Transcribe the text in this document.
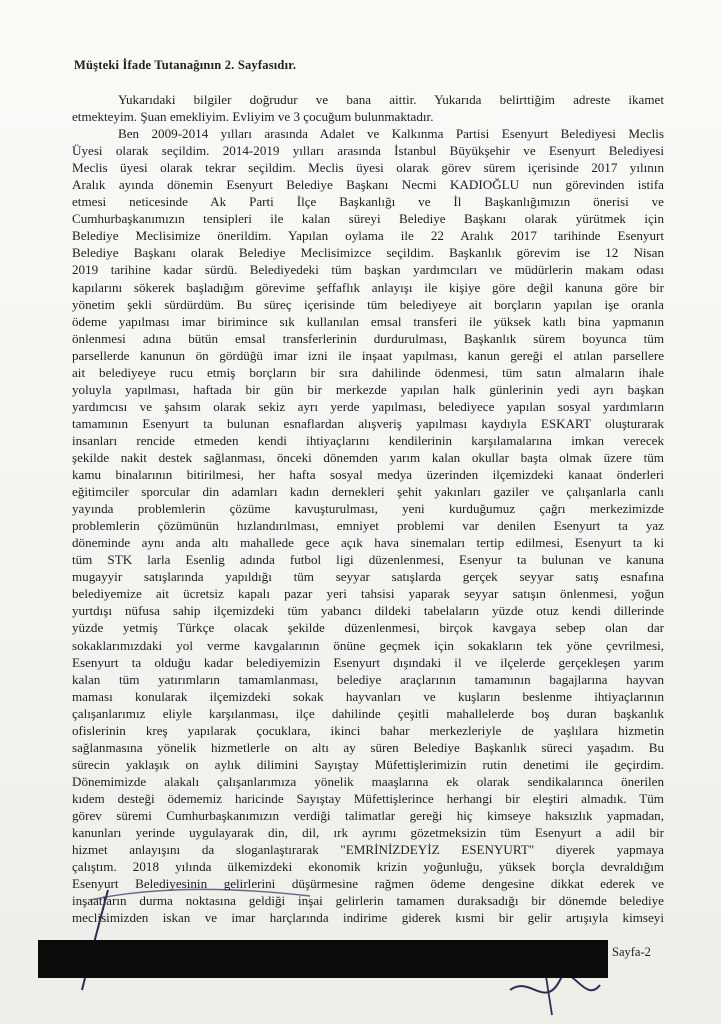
Müşteki İfade Tutanağının 2. Sayfasıdır.
Yukarıdaki bilgiler doğrudur ve bana aittir. Yukarıda belirttiğim adreste ikamet
etmekteyim. Şuan emekliyim. Evliyim ve 3 çocuğum bulunmaktadır.
Ben 2009-2014 yılları arasında Adalet ve Kalkınma Partisi Esenyurt Belediyesi Meclis
Üyesi olarak seçildim. 2014-2019 yılları arasında İstanbul Büyükşehir ve Esenyurt Belediyesi
Meclis üyesi olarak tekrar seçildim. Meclis üyesi olarak görev sürem içerisinde 2017 yılının
Aralık ayında dönemin Esenyurt Belediye Başkanı Necmi KADIOĞLU nun görevinden istifa
etmesi neticesinde Ak Parti İlçe Başkanlığı ve İl Başkanlığımızın önerisi ve
Cumhurbaşkanımızın tensipleri ile kalan süreyi Belediye Başkanı olarak yürütmek için
Belediye Meclisimize önerildim. Yapılan oylama ile 22 Aralık 2017 tarihinde Esenyurt
Belediye Başkanı olarak Belediye Meclisimizce seçildim. Başkanlık görevim ise 12 Nisan
2019 tarihine kadar sürdü. Belediyedeki tüm başkan yardımcıları ve müdürlerin makam odası
kapılarını sökerek başladığım görevime şeffaflık anlayışı ile kişiye göre değil kanuna göre bir
yönetim şekli sürdürdüm. Bu süreç içerisinde tüm belediyeye ait borçların yapılan işe oranla
ödeme yapılması imar birimince sık kullanılan emsal transferi ile yüksek katlı bina yapmanın
önlenmesi adına bütün emsal transferlerinin durdurulması, Başkanlık sürem boyunca tüm
parsellerde kanunun ön gördüğü imar izni ile inşaat yapılması, kanun gereği el atılan parsellere
ait belediyeye rucu etmiş borçların bir sıra dahilinde ödenmesi, tüm satın almaların ihale
yoluyla yapılması, haftada bir gün bir merkezde yapılan halk günlerinin yedi ayrı başkan
yardımcısı ve şahsım olarak sekiz ayrı yerde yapılması, belediyece yapılan sosyal yardımların
tamamının Esenyurt ta bulunan esnaflardan alışveriş yapılması kaydıyla ESKART oluşturarak
insanları rencide etmeden kendi ihtiyaçlarını kendilerinin karşılamalarına imkan verecek
şekilde nakit destek sağlanması, önceki dönemden yarım kalan okullar başta olmak üzere tüm
kamu binalarının bitirilmesi, her hafta sosyal medya üzerinden ilçemizdeki kanaat önderleri
eğitimciler sporcular din adamları kadın dernekleri şehit yakınları gaziler ve çalışanlarla canlı
yayında problemlerin çözüme kavuşturulması, yeni kurduğumuz çağrı merkezimizde
problemlerin çözümünün hızlandırılması, emniyet problemi var denilen Esenyurt ta yaz
döneminde aynı anda altı mahallede gece açık hava sinemaları tertip edilmesi, Esenyurt ta ki
tüm STK larla Esenlig adında futbol ligi düzenlenmesi, Esenyur ta bulunan ve kanuna
mugayyir satışlarında yapıldığı tüm seyyar satışlarda gerçek seyyar satış esnafına
belediyemize ait ücretsiz kapalı pazar yeri tahsisi yaparak seyyar satışın önlenmesi, yoğun
yurtdışı nüfusa sahip ilçemizdeki tüm yabancı dildeki tabelaların yüzde otuz kendi dillerinde
yüzde yetmiş Türkçe olacak şekilde düzenlenmesi, birçok kavgaya sebep olan dar
sokaklarımızdaki yol verme kavgalarının önüne geçmek için sokakların tek yöne çevrilmesi,
Esenyurt ta olduğu kadar belediyemizin Esenyurt dışındaki il ve ilçelerde gerçekleşen yarım
kalan tüm yatırımların tamamlanması, belediye araçlarının tamamının bagajlarına hayvan
maması konularak ilçemizdeki sokak hayvanları ve kuşların beslenme ihtiyaçlarının
çalışanlarımız eliyle karşılanması, ilçe dahilinde çeşitli mahallelerde boş duran başkanlık
ofislerinin kreş yapılarak çocuklara, ikinci bahar merkezleriyle de yaşlılara hizmetin
sağlanmasına yönelik hizmetlerle on altı ay süren Belediye Başkanlık süreci yaşadım. Bu
sürecin yaklaşık on aylık dilimini Sayıştay Müfettişlerimizin rutin denetimi ile geçirdim.
Dönemimizde alakalı çalışanlarımıza yönelik maaşlarına ek olarak sendikalarınca önerilen
kıdem desteği ödememiz haricinde Sayıştay Müfettişlerince herhangi bir eleştiri almadık. Tüm
görev süremi Cumhurbaşkanımızın verdiği talimatlar gereği hiç kimseye haksızlık yapmadan,
kanunları yerinde uygulayarak din, dil, ırk ayrımı gözetmeksizin tüm Esenyurt a adil bir
hizmet anlayışını da sloganlaştırarak "EMRİNİZDEYİZ ESENYURT" diyerek yapmaya
çalıştım. 2018 yılında ülkemizdeki ekonomik krizin yoğunluğu, yüksek borçla devraldığım
Esenyurt Belediyesinin gelirlerini düşürmesine rağmen ödeme dengesine dikkat ederek ve
inşaatların durma noktasına geldiği inşai gelirlerin tamamen duraksadığı bir dönemde belediye
meclisimizden iskan ve imar harçlarında indirime giderek kısmi bir gelir artışıyla kimseyi
Sayfa-2
